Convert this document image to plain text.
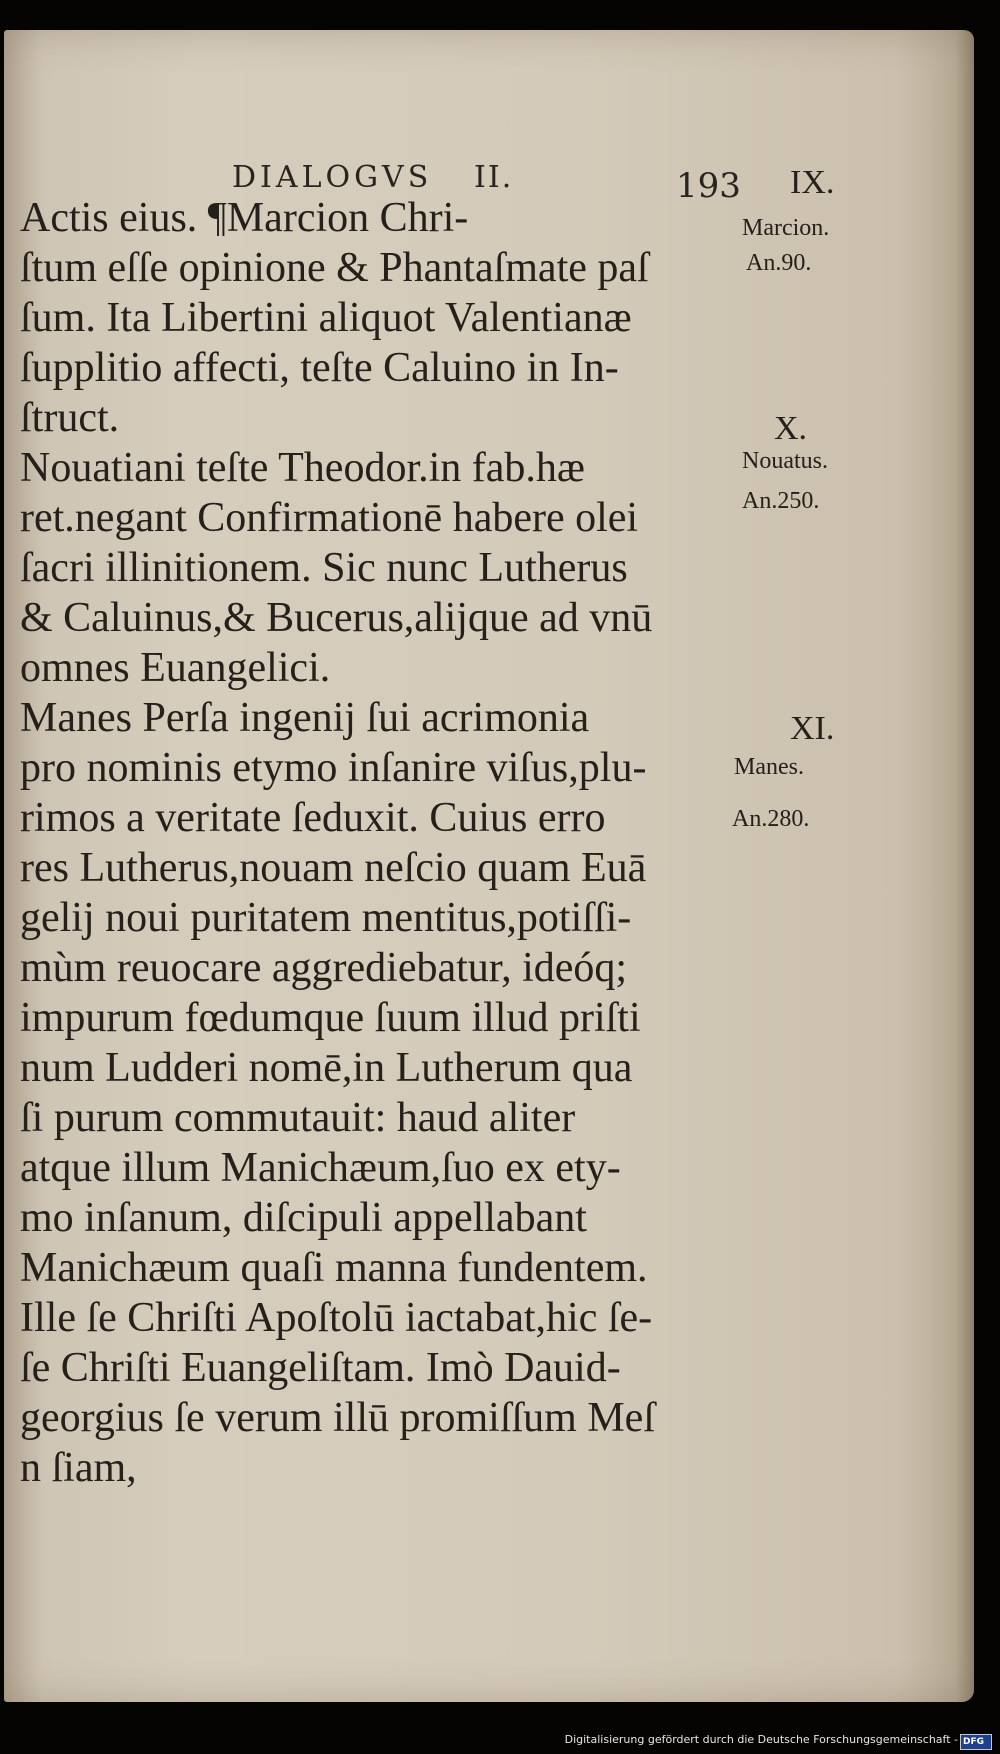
DIALOGVS II.	193
Actis eius. ¶Marcion Chri-
ſtum eſſe opinione & Phantaſmate paſ
ſum. Ita Libertini aliquot Valentianæ
ſupplitio affecti, teſte Caluino in In-
ſtruct.
Nouatiani teſte Theodor.in fab.hæ
ret.negant Confirmationē habere olei
ſacri illinitionem. Sic nunc Lutherus
& Caluinus,& Bucerus,alijque ad vnū
omnes Euangelici.
Manes Perſa ingenij ſui acrimonia
pro nominis etymo inſanire viſus,plu-
rimos a veritate ſeduxit. Cuius erro
res Lutherus,nouam neſcio quam Euā
gelij noui puritatem mentitus,potiſſi-
mùm reuocare aggrediebatur, ideóq;
impurum fœdumque ſuum illud priſti
num Ludderi nomē,in Lutherum qua
ſi purum commutauit: haud aliter
atque illum Manichæum,ſuo ex ety-
mo inſanum, diſcipuli appellabant
Manichæum quaſi manna fundentem.
Ille ſe Chriſti Apoſtolū iactabat,hic ſe-
ſe Chriſti Euangeliſtam. Imò Dauid-
georgius ſe verum illū promiſſum Meſ
n ſiam,
IX.
Marcion.
An.90.
X.
Nouatus.
An.250.
XI.
Manes.
An.280.
Digitalisierung gefördert durch die Deutsche Forschungsgemeinschaft - DFG
